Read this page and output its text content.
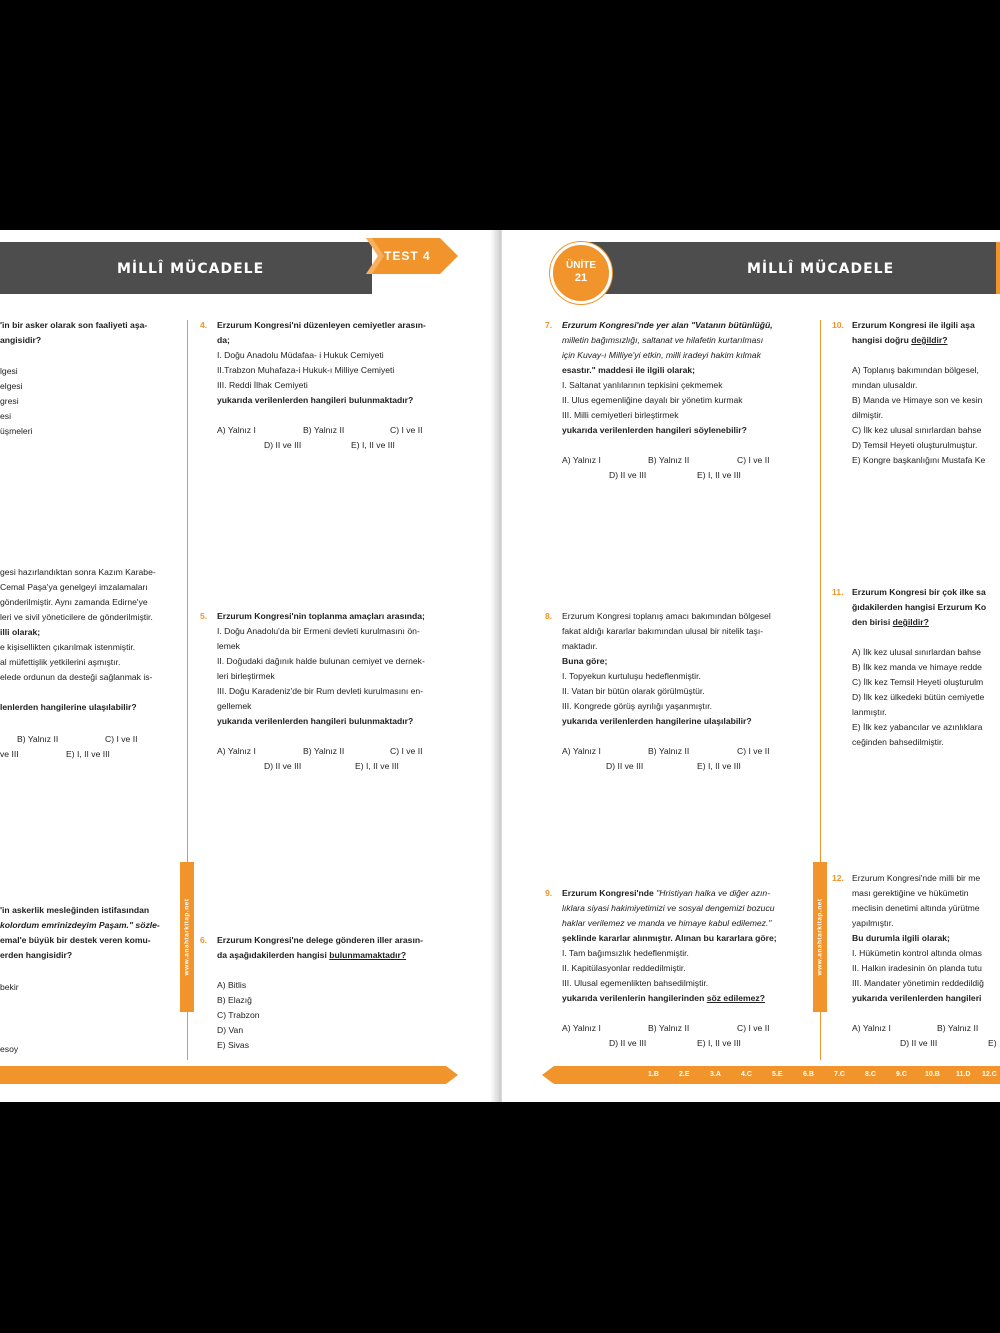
MİLLÎ MÜCADELE
TEST 4
www.anahtarkitap.net
'in bir asker olarak son faaliyeti aşa-
angisidir?
lgesi
elgesi
gresi
esi
üşmeleri
gesi hazırlandıktan sonra Kazım Karabe-
Cemal Paşa'ya genelgeyi imzalamaları
gönderilmiştir. Aynı zamanda Edirne'ye
leri ve sivil yöneticilere de gönderilmiştir.
illi olarak;
e kişisellikten çıkarılmak istenmiştir.
al müfettişlik yetkilerini aşmıştır.
elede ordunun da desteği sağlanmak is-
lenlerden hangilerine ulaşılabilir?
B) Yalnız II	C) I ve II
ve III	E) I, II ve III
'in askerlik mesleğinden istifasından
kolordum emrinizdeyim Paşam." sözle-
emal'e büyük bir destek veren komu-
erden hangisidir?
bekir
esoy
4. Erzurum Kongresi'ni düzenleyen cemiyetler arasın-
da;
I. Doğu Anadolu Müdafaa- i Hukuk Cemiyeti
II.Trabzon Muhafaza-i Hukuk-ı Milliye Cemiyeti
III. Reddi İlhak Cemiyeti
yukarıda verilenlerden hangileri bulunmaktadır?

A) Yalnız I	B) Yalnız II	C) I ve II
D) II ve III	E) I, II ve III
5. Erzurum Kongresi'nin toplanma amaçları arasında;
I. Doğu Anadolu'da bir Ermeni devleti kurulmasını ön-
lemek
II. Doğudaki dağınık halde bulunan cemiyet ve dernek-
leri birleştirmek
III. Doğu Karadeniz'de bir Rum devleti kurulmasını en-
gellemek
yukarıda verilenlerden hangileri bulunmaktadır?

A) Yalnız I	B) Yalnız II	C) I ve II
D) II ve III	E) I, II ve III
6. Erzurum Kongresi'ne delege gönderen iller arasın-
da aşağıdakilerden hangisi bulunmamaktadır?

A) Bitlis
B) Elazığ
C) Trabzon
D) Van
E) Sivas
MİLLÎ MÜCADELE
ÜNİTE
21
www.anahtarkitap.net
7. Erzurum Kongresi'nde yer alan "Vatanın bütünlüğü,
milletin bağımsızlığı, saltanat ve hilafetin kurtarılması
için Kuvay-ı Milliye'yi etkin, milli iradeyi hakim kılmak
esastır." maddesi ile ilgili olarak;
I. Saltanat yanlılarının tepkisini çekmemek
II. Ulus egemenliğine dayalı bir yönetim kurmak
III. Milli cemiyetleri birleştirmek
yukarıda verilenlerden hangileri söylenebilir?

A) Yalnız I	B) Yalnız II	C) I ve II
D) II ve III	E) I, II ve III
8. Erzurum Kongresi toplanış amacı bakımından bölgesel
fakat aldığı kararlar bakımından ulusal bir nitelik taşı-
maktadır.
Buna göre;
I. Topyekun kurtuluşu hedeflenmiştir.
II. Vatan bir bütün olarak görülmüştür.
III. Kongrede görüş ayrılığı yaşanmıştır.
yukarıda verilenlerden hangilerine ulaşılabilir?

A) Yalnız I	B) Yalnız II	C) I ve II
D) II ve III	E) I, II ve III
9. Erzurum Kongresi'nde "Hristiyan halka ve diğer azın-
lıklara siyasi hakimiyetimizi ve sosyal dengemizi bozucu
haklar verilemez ve manda ve himaye kabul edilemez."
şeklinde kararlar alınmıştır. Alınan bu kararlara göre;
I. Tam bağımsızlık hedeflenmiştir.
II. Kapitülasyonlar reddedilmiştir.
III. Ulusal egemenlikten bahsedilmiştir.
yukarıda verilenlerin hangilerinden söz edilemez?

A) Yalnız I	B) Yalnız II	C) I ve II
D) II ve III	E) I, II ve III
10. Erzurum Kongresi ile ilgili aşa
hangisi doğru değildir?

A) Toplanış bakımından bölgesel,
mından ulusaldır.
B) Manda ve Himaye son ve kesin
dilmiştir.
C) İlk kez ulusal sınırlardan bahse
D) Temsil Heyeti oluşturulmuştur.
E) Kongre başkanlığını Mustafa Ke
11. Erzurum Kongresi bir çok ilke sa
ğıdakilerden hangisi Erzurum Ko
den birisi değildir?

A) İlk kez ulusal sınırlardan bahse
B) İlk kez manda ve himaye redde
C) İlk kez Temsil Heyeti oluşturulm
D) İlk kez ülkedeki bütün cemiyetle
lanmıştır.
E) İlk kez yabancılar ve azınlıklara
ceğinden bahsedilmiştir.
12. Erzurum Kongresi'nde milli bir me
ması gerektiğine ve hükümetin
meclisin denetimi altında yürütme
yapılmıştır.
Bu durumla ilgili olarak;
I. Hükümetin kontrol altında olmas
II. Halkın iradesinin ön planda tutu
III. Mandater yönetimin reddedildiğ
yukarıda verilenlerden hangileri

A) Yalnız I	B) Yalnız II
D) II ve III	E)
1.B	2.E	3.A	4.C	5.E	6.B	7.C	8.C	9.C	10.B 11.D 12.C
